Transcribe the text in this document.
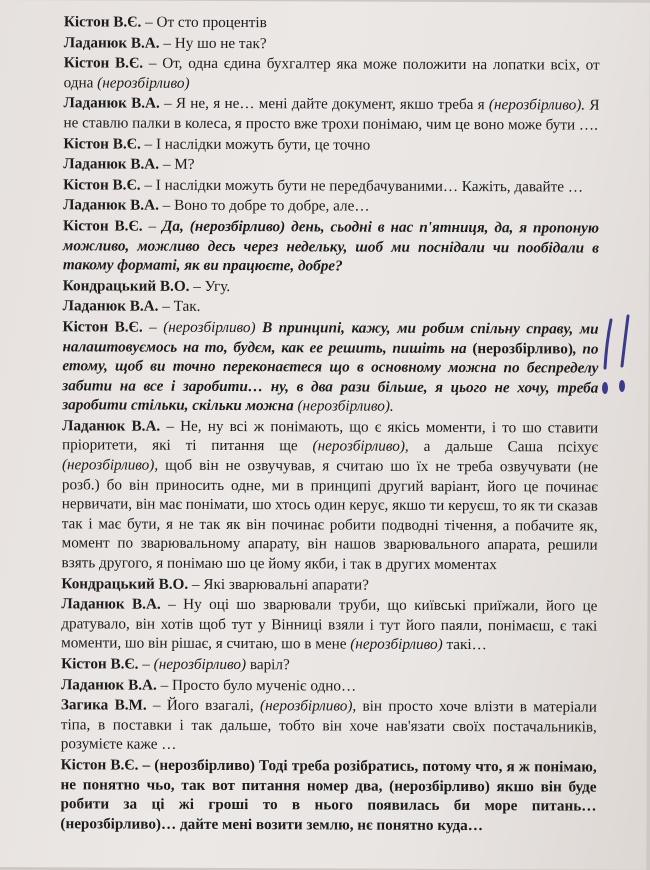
Кістон В.Є. – От сто процентів

Ладанюк В.А. – Ну шо не так?

Кістон В.Є. – От, одна єдина бухгалтер яка може положити на лопатки всіх, от одна (нерозбірливо)

Ладанюк В.А. – Я не, я не… мені дайте документ, якшо треба я (нерозбірливо). Я не ставлю палки в колеса, я просто вже трохи понімаю, чим це воно може бути ….

Кістон В.Є. – І наслідки можуть бути, це точно

Ладанюк В.А. – М?

Кістон В.Є. – І наслідки можуть бути не передбачуваними… Кажіть, давайте …

Ладанюк В.А. – Воно то добре то добре, але…

Кістон В.Є. – Да, (нерозбірливо) день, сьодні в нас п'ятниця, да, я пропоную можливо, можливо десь через недельку, шоб ми поснідали чи пообідали в такому форматі, як ви працюєте, добре?

Кондрацький В.О. – Угу.

Ладанюк В.А. – Так.

Кістон В.Є. – (нерозбірливо) В принципі, кажу, ми робим спільну справу, ми налаштовуємось на то, будєм, как ее решить, пишіть на (нерозбірливо), по етому, щоб ви точно переконаєтеся що в основному можна по беспределу забити на все і заробити… ну, в два рази більше, я цього не хочу, треба заробити стільки, скільки можна (нерозбірливо).

Ладанюк В.А. – Не, ну всі ж понімають, що є якісь моменти, і то шо ставити пріоритети, які ті питання ще (нерозбірливо), а дальше Саша псіхує (нерозбірливо), щоб він не озвучував, я считаю шо їх не треба озвучувати (не розб.) бо він приносить одне, ми в принципі другий варіант, його це починає нервичати, він має понімати, шо хтось один керує, якшо ти керуєш, то як ти сказав так і має бути, я не так як він починає робити подводні тічення, а побачите як, момент по зварювальному апарату, він нашов зварювального апарата, решили взять другого, я понімаю шо це йому якби, і так в других моментах

Кондрацький В.О. – Які зварювальні апарати?

Ладанюк В.А. – Ну оці шо зварювали труби, що київські приїжали, його це дратувало, він хотів щоб тут у Вінниці взяли і тут його паяли, понімаєш, є такі моменти, шо він рішає, я считаю, шо в мене (нерозбірливо) такі…

Кістон В.Є. – (нерозбірливо) варіл?

Ладанюк В.А. – Просто було мученіє одно…

Загика В.М. – Його взагалі, (нерозбірливо), він просто хоче влізти в матеріали тіпа, в поставки і так дальше, тобто він хоче нав'язати своїх постачальників, розумієте каже …

Кістон В.Є. – (нерозбірливо) Тоді треба розібратись, потому что, я ж понімаю, не понятно чьо, так вот питання номер два, (нерозбірливо) якшо він буде робити за ці жі гроші то в нього появилась би море питань… (нерозбірливо)… дайте мені возити землю, нє понятно куда…
